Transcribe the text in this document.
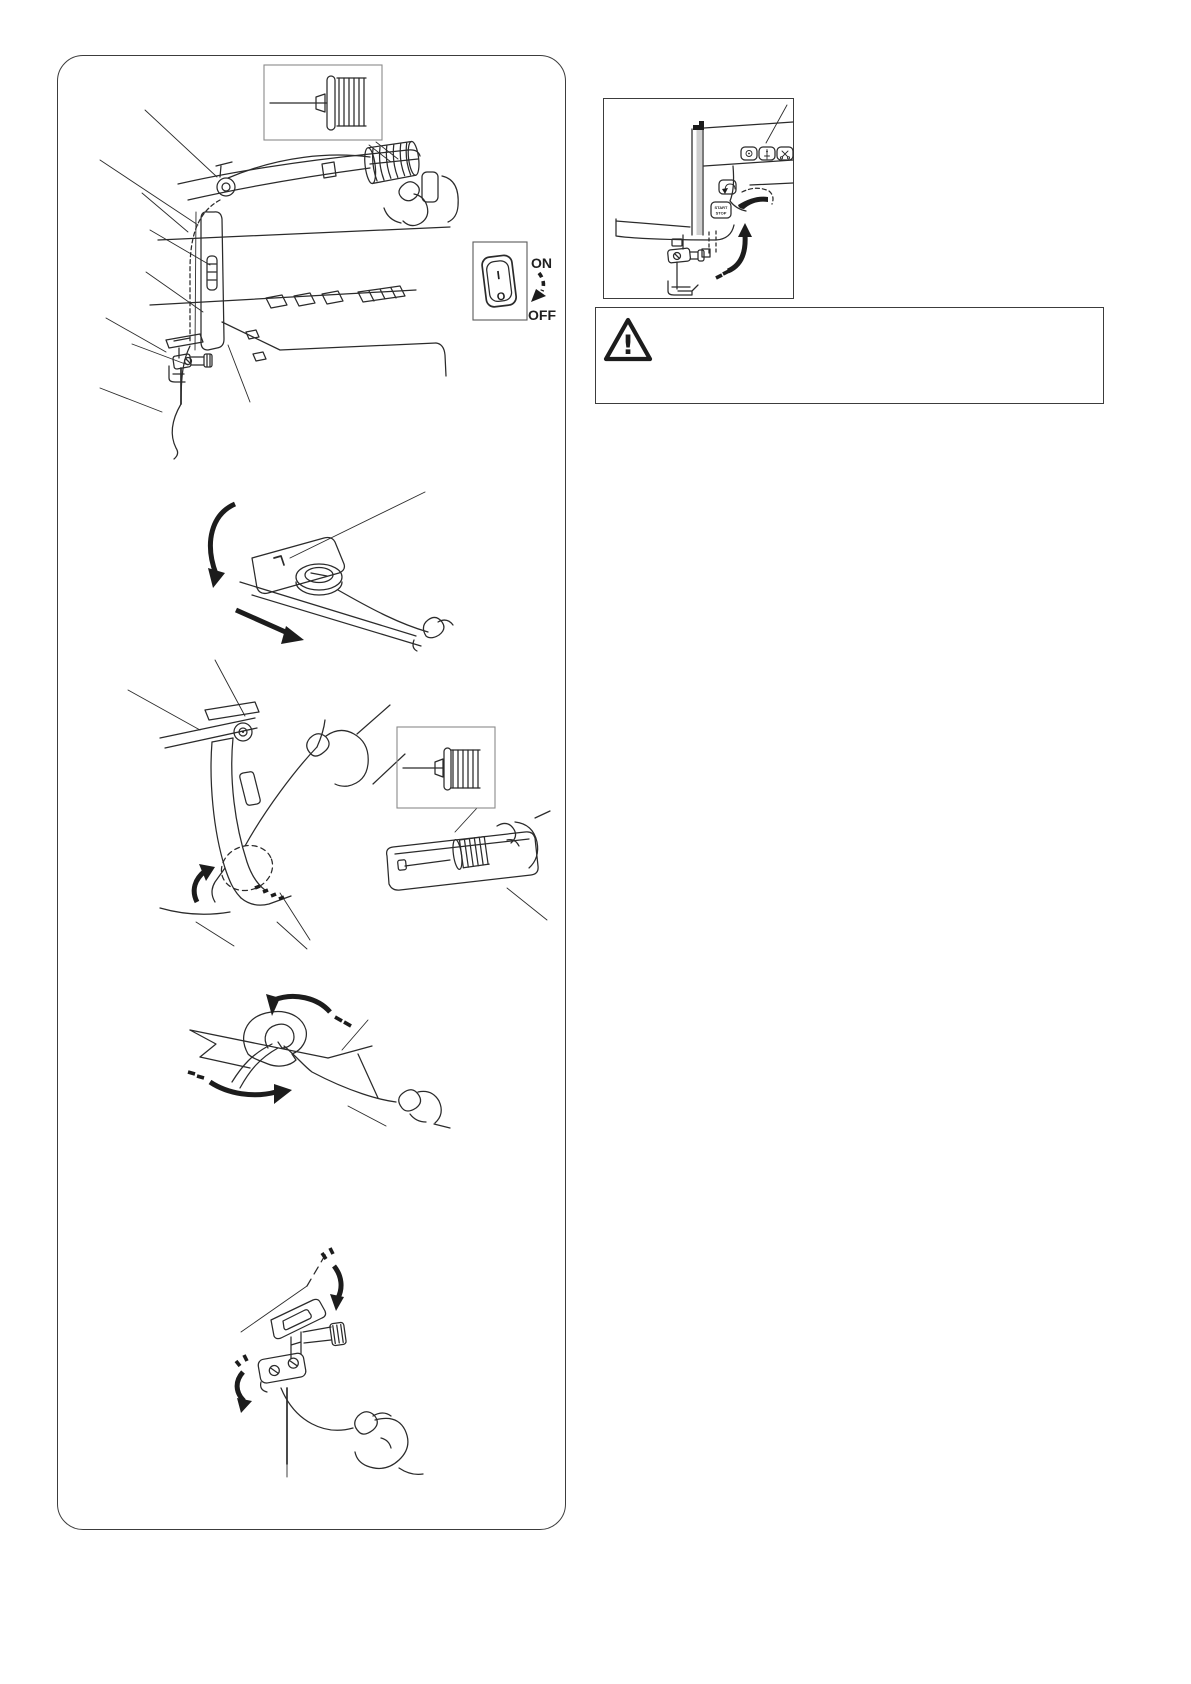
I
O
ON
OFF
START
STOP
!
